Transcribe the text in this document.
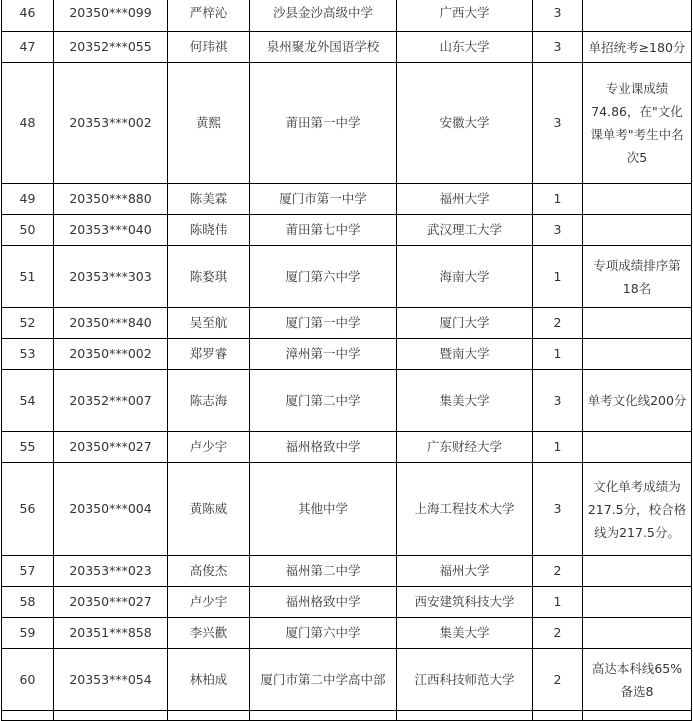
46	20350***099	严梓沁	沙县金沙高级中学	广西大学	3	
47	20352***055	何玮祺	泉州聚龙外国语学校	山东大学	3	单招统考≥180分
48	20353***002	黄熙	莆田第一中学	安徽大学	3	专业课成绩74.86，在"文化课单考"考生中名次5
49	20350***880	陈美霖	厦门市第一中学	福州大学	1	
50	20353***040	陈晓伟	莆田第七中学	武汉理工大学	3	
51	20353***303	陈婺琪	厦门第六中学	海南大学	1	专项成绩排序第18名
52	20350***840	吴至航	厦门第一中学	厦门大学	2	
53	20350***002	郑罗睿	漳州第一中学	暨南大学	1	
54	20352***007	陈志海	厦门第二中学	集美大学	3	单考文化线200分
55	20350***027	卢少宇	福州格致中学	广东财经大学	1	
56	20350***004	黄陈威	其他中学	上海工程技术大学	3	文化单考成绩为217.5分，校合格线为217.5分。
57	20353***023	高俊杰	福州第二中学	福州大学	2	
58	20350***027	卢少宇	福州格致中学	西安建筑科技大学	1	
59	20351***858	李兴歡	厦门第六中学	集美大学	2	
60	20353***054	林柏成	厦门市第二中学高中部	江西科技师范大学	2	高达本科线65%备选8
